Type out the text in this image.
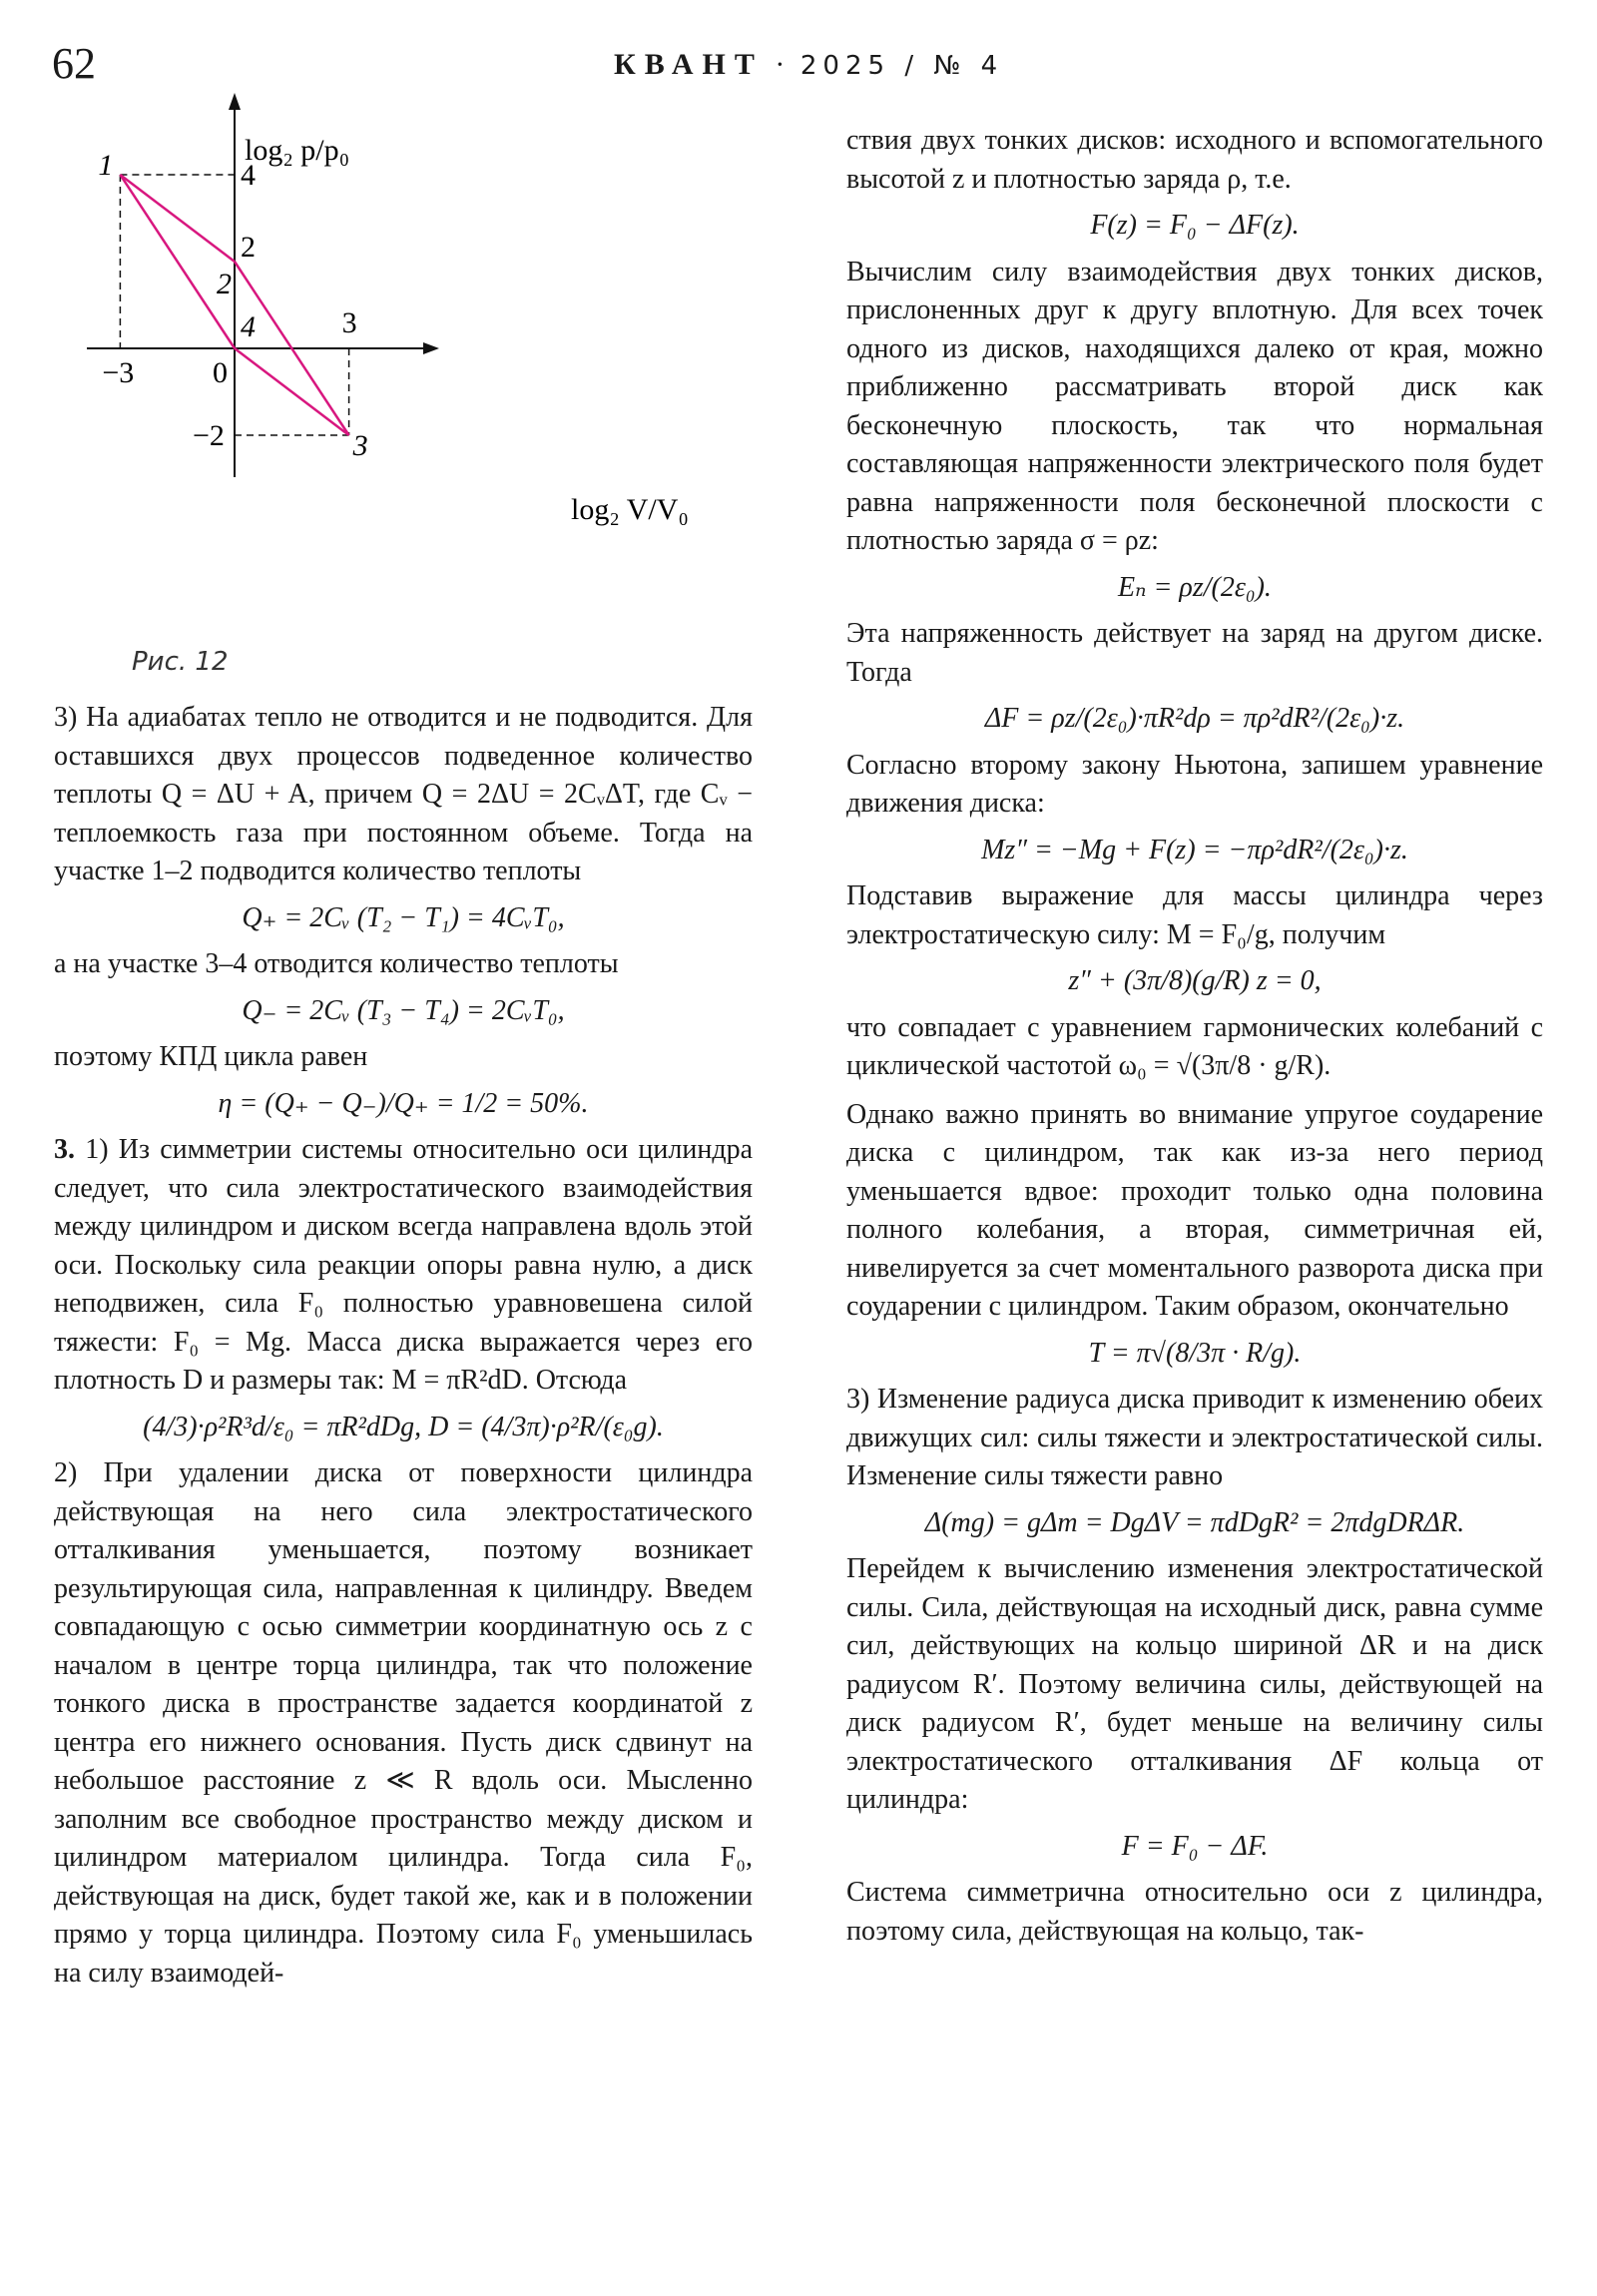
62	КВАНТ · 2025 / № 4
log₂ p/p₀
log₂ V/V₀
−3	0
3
4
2
−2
1
2
3
4
Рис. 12

3) На адиабатах тепло не отводится и не подводится. Для оставшихся двух процессов подведенное количество теплоты Q = ΔU + A, причем Q = 2ΔU = 2CᵥΔT, где Cᵥ − теплоемкость газа при постоянном объеме. Тогда на участке 1–2 подводится количество теплоты

Q₊ = 2Cᵥ (T₂ − T₁) = 4CᵥT₀,

а на участке 3–4 отводится количество теплоты

Q₋ = 2Cᵥ (T₃ − T₄) = 2CᵥT₀,

поэтому КПД цикла равен

η = (Q₊ − Q₋)/Q₊ = 1/2 = 50%.

3. 1) Из симметрии системы относительно оси цилиндра следует, что сила электростатического взаимодействия между цилиндром и диском всегда направлена вдоль этой оси. Поскольку сила реакции опоры равна нулю, а диск неподвижен, сила F₀ полностью уравновешена силой тяжести: F₀ = Mg. Масса диска выражается через его плотность D и размеры так: M = πR²dD. Отсюда

(4/3)·ρ²R³d/ε₀ = πR²dDg, D = (4/3π)·ρ²R/(ε₀g).

2) При удалении диска от поверхности цилиндра действующая на него сила электростатического отталкивания уменьшается, поэтому возникает результирующая сила, направленная к цилиндру. Введем совпадающую с осью симметрии координатную ось z с началом в центре торца цилиндра, так что положение тонкого диска в пространстве задается координатой z центра его нижнего основания. Пусть диск сдвинут на небольшое расстояние z ≪ R вдоль оси. Мысленно заполним все свободное пространство между диском и цилиндром материалом цилиндра. Тогда сила F₀, действующая на диск, будет такой же, как и в положении прямо у торца цилиндра. Поэтому сила F₀ уменьшилась на силу взаимодей-

ствия двух тонких дисков: исходного и вспомогательного высотой z и плотностью заряда ρ, т.е.

F(z) = F₀ − ΔF(z).

Вычислим силу взаимодействия двух тонких дисков, прислоненных друг к другу вплотную. Для всех точек одного из дисков, находящихся далеко от края, можно приближенно рассматривать второй диск как бесконечную плоскость, так что нормальная составляющая напряженности электрического поля будет равна напряженности поля бесконечной плоскости с плотностью заряда σ = ρz:

Eₙ = ρz/(2ε₀).

Эта напряженность действует на заряд на другом диске. Тогда

ΔF = ρz/(2ε₀)·πR²dρ = πρ²dR²/(2ε₀)·z.

Согласно второму закону Ньютона, запишем уравнение движения диска:

Mz″ = −Mg + F(z) = −πρ²dR²/(2ε₀)·z.

Подставив выражение для массы цилиндра через электростатическую силу: M = F₀/g, получим

z″ + (3π/8)(g/R) z = 0,

что совпадает с уравнением гармонических колебаний с циклической частотой ω₀ = √(3π/8 · g/R).

Однако важно принять во внимание упругое соударение диска с цилиндром, так как из-за него период уменьшается вдвое: проходит только одна половина полного колебания, а вторая, симметричная ей, нивелируется за счет моментального разворота диска при соударении с цилиндром. Таким образом, окончательно

T = π√(8/3π · R/g).

3) Изменение радиуса диска приводит к изменению обеих движущих сил: силы тяжести и электростатической силы. Изменение силы тяжести равно

Δ(mg) = gΔm = DgΔV = πdDgR² = 2πdgDRΔR.

Перейдем к вычислению изменения электростатической силы. Сила, действующая на исходный диск, равна сумме сил, действующих на кольцо шириной ΔR и на диск радиусом R′. Поэтому величина силы, действующей на диск радиусом R′, будет меньше на величину силы электростатического отталкивания ΔF кольца от цилиндра:

F = F₀ − ΔF.

Система симметрична относительно оси z цилиндра, поэтому сила, действующая на кольцо, так-
